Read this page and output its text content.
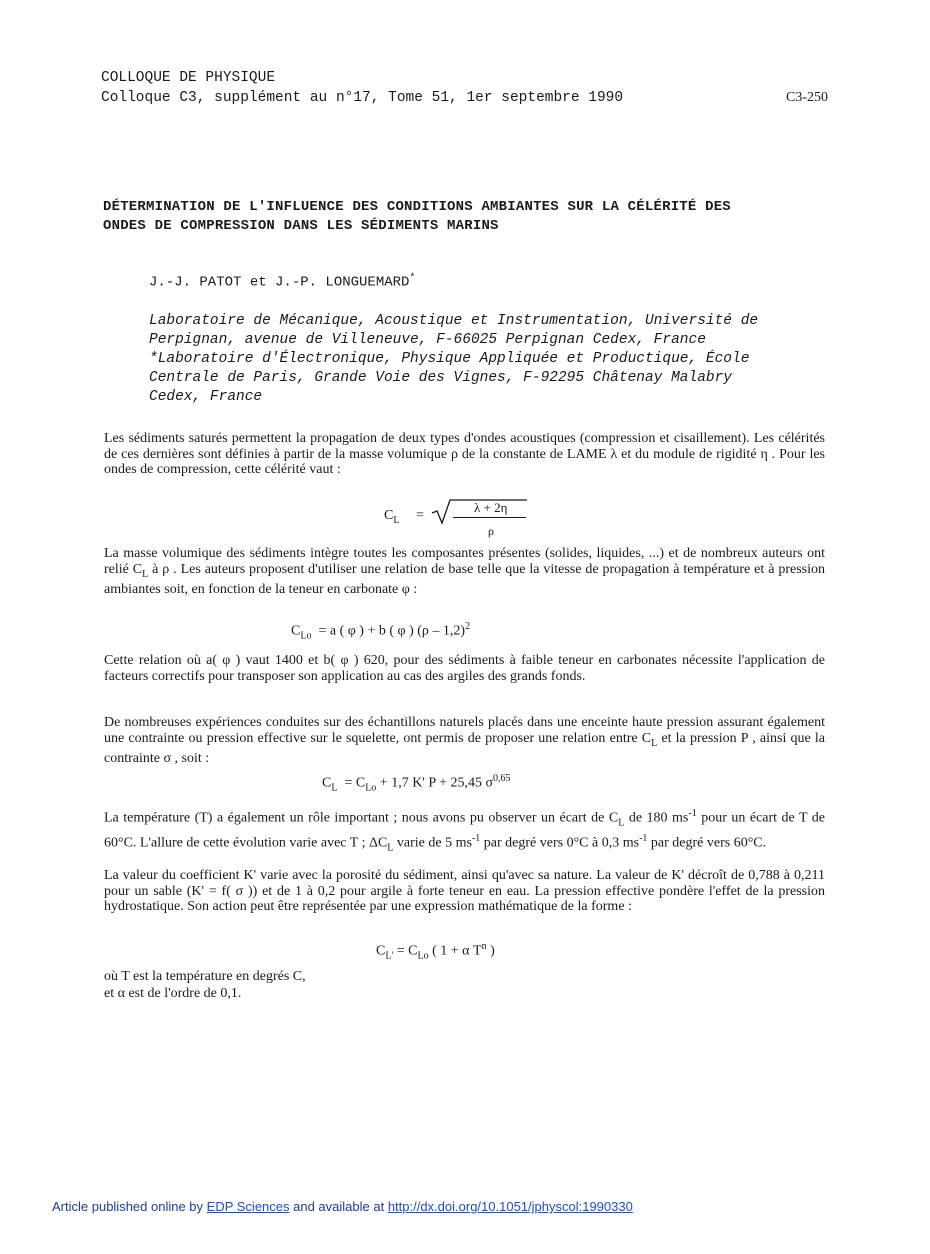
COLLOQUE DE PHYSIQUE
Colloque C3, supplément au n°17, Tome 51, 1er septembre 1990	C3-250
DÉTERMINATION DE L'INFLUENCE DES CONDITIONS AMBIANTES SUR LA CÉLÉRITÉ DES
ONDES DE COMPRESSION DANS LES SÉDIMENTS MARINS
J.-J. PATOT et J.-P. LONGUEMARD*
Laboratoire de Mécanique, Acoustique et Instrumentation, Université de
Perpignan, avenue de Villeneuve, F-66025 Perpignan Cedex, France
*Laboratoire d'Électronique, Physique Appliquée et Productique, École
Centrale de Paris, Grande Voie des Vignes, F-92295 Châtenay Malabry
Cedex, France
Les sédiments saturés permettent la propagation de deux types d'ondes acoustiques (compression et cisaillement). Les célérités de ces dernières sont définies à partir de la masse volumique ρ de la constante de LAME λ et du module de rigidité η . Pour les ondes de compression, cette célérité vaut :
$C_L$ =
λ + 2η
ρ
La masse volumique des sédiments intègre toutes les composantes présentes (solides, liquides, ...) et de nombreux auteurs ont relié $C_L$ à ρ . Les auteurs proposent d'utiliser une relation de base telle que la vitesse de propagation à température et à pression ambiantes soit, en fonction de la teneur en carbonate φ :
$C_{Lo} = a$ ( φ ) + b ( φ ) (ρ – 1,2)$^2$
Cette relation où a( φ ) vaut 1400 et b( φ ) 620, pour des sédiments à faible teneur en carbonates nécessite l'application de facteurs correctifs pour transposer son application au cas des argiles des grands fonds.
De nombreuses expériences conduites sur des échantillons naturels placés dans une enceinte haute pression assurant également une contrainte ou pression effective sur le squelette, ont permis de proposer une relation entre $C_L$ et la pression P , ainsi que la contrainte σ , soit :
$C_L = C_{Lo} + 1,7$ K' P + 25,45 $\sigma^{0,65}$
La température (T) a également un rôle important ; nous avons pu observer un écart de $C_L$ de 180 $ms^{-1}$ pour un écart de T de 60°C. L'allure de cette évolution varie avec T ; $\Delta C_L$ varie de 5 $ms^{-1}$ par degré vers 0°C à 0,3 $ms^{-1}$ par degré vers 60°C.
La valeur du coefficient K' varie avec la porosité du sédiment, ainsi qu'avec sa nature. La valeur de K' décroît de 0,788 à 0,211 pour un sable (K' = f( σ )) et de 1 à 0,2 pour argile à forte teneur en eau. La pression effective pondère l'effet de la pression hydrostatique. Son action peut être représentée par une expression mathématique de la forme :
$C_{L'} = C_{Lo}$ ( 1 + α $T^n$ )
où T est la température en degrés C,
et α est de l'ordre de 0,1.
Article published online by EDP Sciences and available at http://dx.doi.org/10.1051/jphyscol:1990330
